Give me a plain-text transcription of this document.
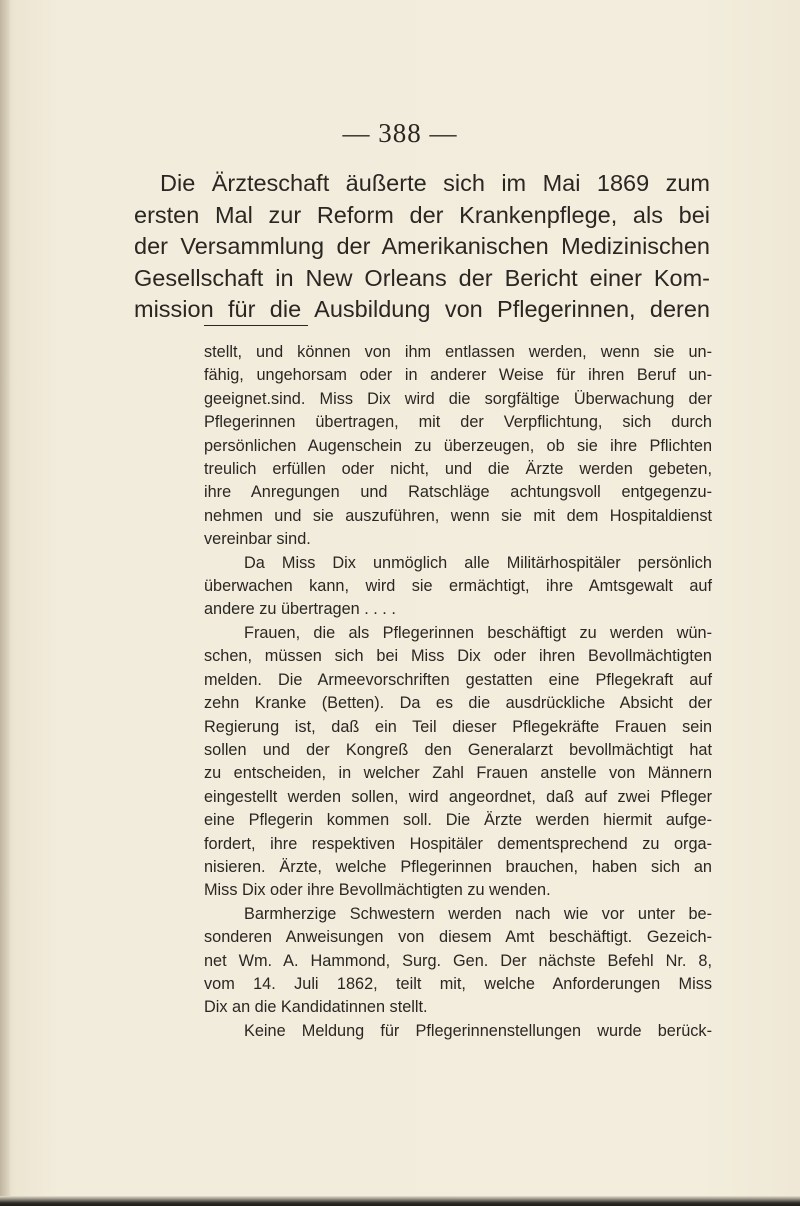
— 388 —
Die Ärzteschaft äußerte sich im Mai 1869 zum
ersten Mal zur Reform der Krankenpflege, als bei
der Versammlung der Amerikanischen Medizinischen
Gesellschaft in New Orleans der Bericht einer Kom-
mission für die Ausbildung von Pflegerinnen, deren
stellt, und können von ihm entlassen werden, wenn sie un-
fähig, ungehorsam oder in anderer Weise für ihren Beruf un-
geeignet.sind. Miss Dix wird die sorgfältige Überwachung der
Pflegerinnen übertragen, mit der Verpflichtung, sich durch
persönlichen Augenschein zu überzeugen, ob sie ihre Pflichten
treulich erfüllen oder nicht, und die Ärzte werden gebeten,
ihre Anregungen und Ratschläge achtungsvoll entgegenzu-
nehmen und sie auszuführen, wenn sie mit dem Hospitaldienst
vereinbar sind.
Da Miss Dix unmöglich alle Militärhospitäler persönlich
überwachen kann, wird sie ermächtigt, ihre Amtsgewalt auf
andere zu übertragen . . . .
Frauen, die als Pflegerinnen beschäftigt zu werden wün-
schen, müssen sich bei Miss Dix oder ihren Bevollmächtigten
melden. Die Armeevorschriften gestatten eine Pflegekraft auf
zehn Kranke (Betten). Da es die ausdrückliche Absicht der
Regierung ist, daß ein Teil dieser Pflegekräfte Frauen sein
sollen und der Kongreß den Generalarzt bevollmächtigt hat
zu entscheiden, in welcher Zahl Frauen anstelle von Männern
eingestellt werden sollen, wird angeordnet, daß auf zwei Pfleger
eine Pflegerin kommen soll. Die Ärzte werden hiermit aufge-
fordert, ihre respektiven Hospitäler dementsprechend zu orga-
nisieren. Ärzte, welche Pflegerinnen brauchen, haben sich an
Miss Dix oder ihre Bevollmächtigten zu wenden.
Barmherzige Schwestern werden nach wie vor unter be-
sonderen Anweisungen von diesem Amt beschäftigt. Gezeich-
net Wm. A. Hammond, Surg. Gen. Der nächste Befehl Nr. 8,
vom 14. Juli 1862, teilt mit, welche Anforderungen Miss
Dix an die Kandidatinnen stellt.
Keine Meldung für Pflegerinnenstellungen wurde berück-
